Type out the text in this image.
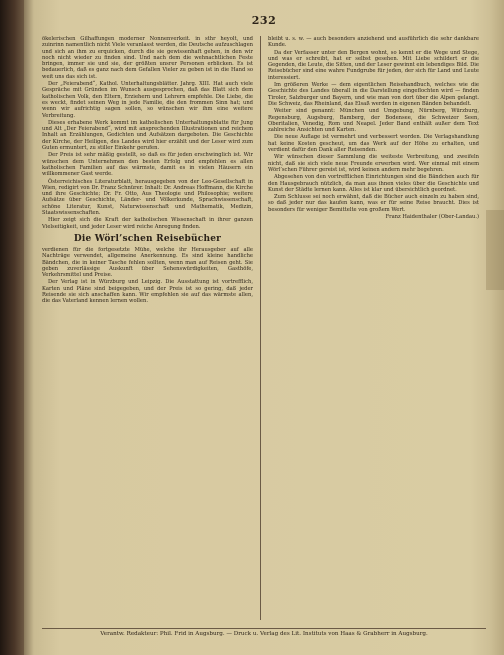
232

ökelerischen Gilhaffungen moderner Nonnenverkeit. in sthr heyolt, und zuinrinn namentlich nicht Viele veranlasst werden, die Deutsche aufzuschlagen und sich an ihm zu erquicken, durch die sie gewissenhaft gehen, in den wir noch nicht wieder zu finden sind. Und nach dem die wehnachtlichen Feste bringen, immer sie und sie, der größten unsrer Personen erblicken. Es ist bedauerlich, daß es ganz nach dem Gefallen Vieler zu geben ist in die Hand so weit uns das sich ist.

Der „Feierabend“, Kathol. Unterhaltungsblätter. Jahrg. XIII. Hat auch viele Gespräche mit Gründen im Wunsch ausgesprochen, daß das Blatt sich dem katholischen Volk, den Eltern, Erziehern und Lehrern empfehle. Die Liebe, die es weckt, findet seinen Weg in jede Familie, die den frommen Sinn hat; und wenn wir aufrichtig sagen sollen, so wünschen wir ihm eine weitere Verbreitung.

Dieses erhabene Werk kommt im katholischen Unterhaltungsblatte für Jung und Alt „Der Feierabend“, wird mit ansprechenden Illustrationen und reichem Inhalt an Erzählungen, Gedichten und Aufsätzen dargeboten. Die Geschichte der Kirche, der Heiligen, des Landes wird hier erzählt und der Leser wird zum Guten ermuntert, zu stiller Einkehr gerufen.

Der Preis ist sehr mäßig gestellt, so daß es für jeden erschwinglich ist. Wir wünschen dem Unternehmen den besten Erfolg und empfehlen es allen katholischen Familien auf das wärmste, damit es in vielen Häusern ein willkommener Gast werde.

Österreichisches Literaturblatt, herausgegeben von der Leo-Gesellschaft in Wien, redigirt von Dr. Franz Schnürer. Inhalt: Dr. Andreas Hoffmann, die Kirche und ihre Geschichte; Dr. Fr. Otto, Aus Theologie und Philosophie; weitere Aufsätze über Geschichte, Länder- und Völkerkunde, Sprachwissenschaft, schöne Literatur, Kunst, Naturwissenschaft und Mathematik, Medizin, Staatswissenschaften.

Hier zeigt sich die Kraft der katholischen Wissenschaft in ihrer ganzen Vielseitigkeit, und jeder Leser wird reiche Anregung finden.

Die Wörl’schen Reisebücher

verdienen für die fortgesetzte Mühe, welche ihr Herausgeber auf alle Nachträge verwendet, allgemeine Anerkennung. Es sind kleine handliche Bändchen, die in keiner Tasche fehlen sollten, wenn man auf Reisen geht. Sie geben zuverlässige Auskunft über Sehenswürdigkeiten, Gasthöfe, Verkehrsmittel und Preise.

Der Verlag ist in Würzburg und Leipzig. Die Ausstattung ist vortrefflich, Karten und Pläne sind beigegeben, und der Preis ist so gering, daß jeder Reisende sie sich anschaffen kann. Wir empfehlen sie auf das wärmste allen, die das Vaterland kennen lernen wollen.

bleibt u. s. w. — auch besonders anziehend und ausführlich die sehr dankbare Kunde.

Da der Verfasser unter den Bergen wohnt, so kennt er die Wege und Stege, und was er schreibt, hat er selbst gesehen. Mit Liebe schildert er die Gegenden, die Leute, die Sitten, und der Leser gewinnt ein lebendiges Bild. Die Reisebücher sind eine wahre Fundgrube für jeden, der sich für Land und Leute interessiert.

Im größeren Werke — dem eigentlichen Reisehandbuch, welches wie die Geschichte des Landes überall in die Darstellung eingeflochten wird — finden Tiroler, Salzburger und Bayern, und wie man von dort über die Alpen gelangt. Die Schweiz, das Rheinland, das Elsaß werden in eigenen Bänden behandelt.

Weiter sind genannt: München und Umgebung, Nürnberg, Würzburg, Regensburg, Augsburg, Bamberg, der Bodensee, die Schweizer Seen, Oberitalien, Venedig, Rom und Neapel. Jeder Band enthält außer dem Text zahlreiche Ansichten und Karten.

Die neue Auflage ist vermehrt und verbessert worden. Die Verlagshandlung hat keine Kosten gescheut, um das Werk auf der Höhe zu erhalten, und verdient dafür den Dank aller Reisenden.

Wir wünschen dieser Sammlung die weiteste Verbreitung, und zweifeln nicht, daß sie sich viele neue Freunde erwerben wird. Wer einmal mit einem Wörl’schen Führer gereist ist, wird keinen andern mehr begehren.

Abgesehen von den vortrefflichen Einrichtungen sind die Bändchen auch für den Hausgebrauch nützlich, da man aus ihnen vieles über die Geschichte und Kunst der Städte lernen kann. Alles ist klar und übersichtlich geordnet.

Zum Schlusse sei noch erwähnt, daß die Bücher auch einzeln zu haben sind, so daß jeder nur das kaufen kann, was er für seine Reise braucht. Dies ist besonders für weniger Bemittelte von großem Wert.

Franz Haidenthaler (Ober-Landau.)

Verantw. Redakteur: Phil. Frid in Augsburg. — Druck u. Verlag des Lit. Instituts von Haas & Grabherr in Augsburg.
